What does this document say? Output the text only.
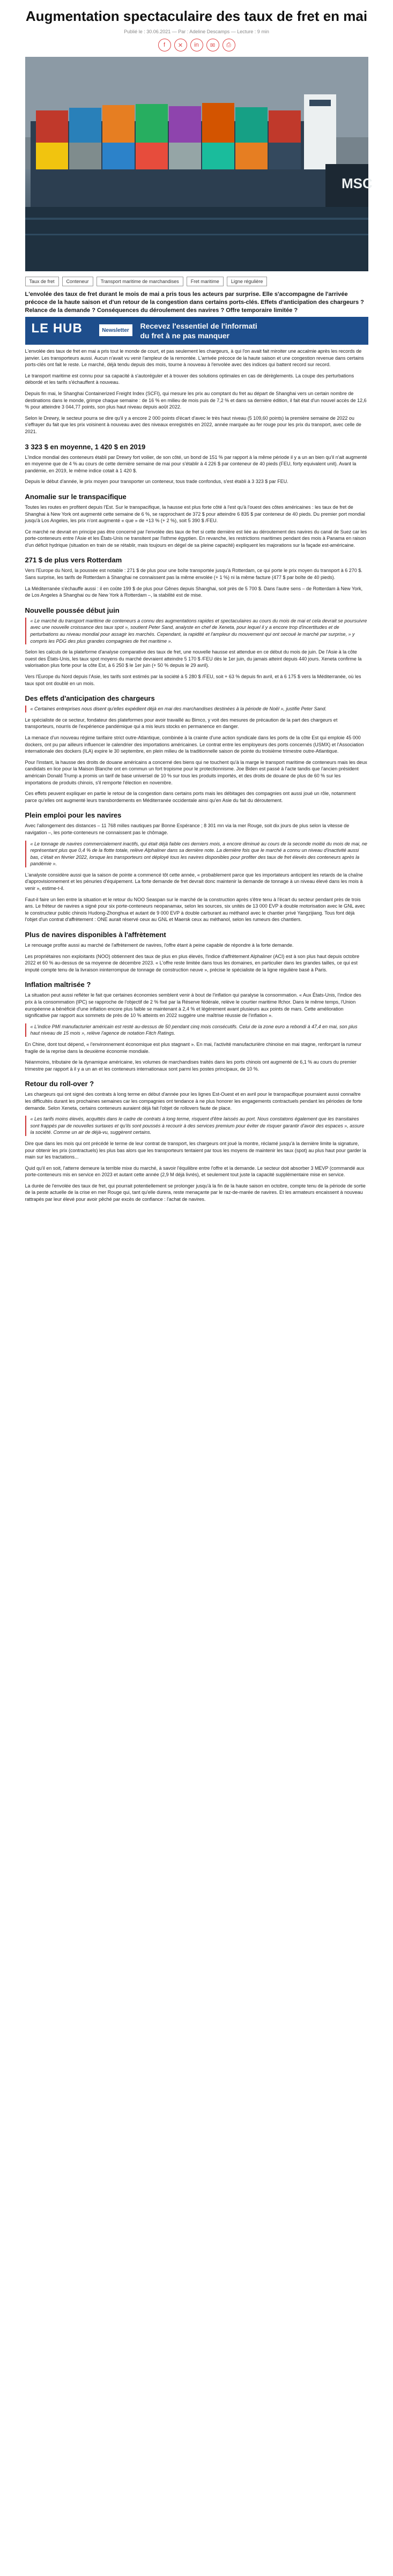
Augmentation spectaculaire des taux de fret en mai
Publié le : 30.06.2021 — Par : Adeline Descamps — Lecture : 9 min
f	✕	in	✉	⎙
MSC
Taux de fret	Conteneur	Transport maritime de marchandises	Fret maritime	Ligne régulière
L'envolée des taux de fret durant le mois de mai a pris tous les acteurs par surprise. Elle s'accompagne de l'arrivée précoce de la haute saison et d'un retour de la congestion dans certains ports-clés. Effets d'anticipation des chargeurs ? Relance de la demande ? Conséquences du déroulement des navires ? Offre temporaire limitée ?
LE HUB	Newsletter	Recevez l'essentiel de l'informati
du fret à ne pas manquer

L'envolée des taux de fret en mai a pris tout le monde de court, et pas seulement les chargeurs, à qui l'on avait fait miroiter une accalmie après les records de janvier. Les transporteurs aussi. Aucun n'avait vu venir l'ampleur de la remontée. L'arrivée précoce de la haute saison et une congestion revenue dans certains ports-clés ont fait le reste. Le marché, déjà tendu depuis des mois, tourne à nouveau à l'envolée avec des indices qui battent record sur record.

Le transport maritime est connu pour sa capacité à s'autoréguler et à trouver des solutions optimales en cas de dérèglements. La coupe des perturbations débordé et les tarifs s'échauffent à nouveau.

Depuis fin mai, le Shanghai Containerized Freight Index (SCFI), qui mesure les prix au comptant du fret au départ de Shanghai vers un certain nombre de destinations dans le monde, grimpe chaque semaine : de 16 % en milieu de mois puis de 7,2 % et dans sa dernière édition, il fait état d'un nouvel accès de 12,6 % pour atteindre 3 044,77 points, son plus haut niveau depuis août 2022.

Selon le Drewry, le secteur pourra se dire qu'il y a encore 2 000 points d'écart d'avec le très haut niveau (5 109,60 points) la première semaine de 2022 ou s'effrayer du fait que les prix voisinent à nouveau avec des niveaux enregistrés en 2022, année marquée au fer rouge pour les prix du transport, avec celle de 2021.

3 323 $ en moyenne, 1 420 $ en 2019

L'indice mondial des conteneurs établi par Drewry fort voilier, de son côté, un bond de 151 % par rapport à la même période il y a un an bien qu'il n'ait augmenté en moyenne que de 4 % au cours de cette dernière semaine de mai pour s'établir à 4 226 $ par conteneur de 40 pieds (FEU, forty equivalent unit). Avant la pandémie, en 2019, le même indice cotait à 1 420 $.

Depuis le début d'année, le prix moyen pour transporter un conteneur, tous trade confondus, s'est établi à 3 323 $ par FEU.

Anomalie sur le transpacifique

Toutes les routes en profitent depuis l'Est. Sur le transpacifique, la hausse est plus forte côté à l'est qu'à l'ouest des côtes américaines : les taux de fret de Shanghai à New York ont augmenté cette semaine de 6 %, se rapprochant de 372 $ pour atteindre 6 835 $ par conteneur de 40 pieds. Du premier port mondial jusqu'à Los Angeles, les prix n'ont augmenté « que » de +13 % (+ 2 %), soit 5 390 $ /FEU.

Ce marché ne devrait en principe pas être concerné par l'envolée des taux de fret si cette dernière est liée au déroutement des navires du canal de Suez car les porte-conteneurs entre l'Asie et les États-Unis ne transitent par l'isthme égyptien. En revanche, les restrictions maritimes pendant des mois à Panama en raison d'un déficit hydrique (situation en train de se rétablir, mais toujours en dégel de sa pleine capacité) expliquent les majorations sur la façade est-américaine.

271 $ de plus vers Rotterdam

Vers l'Europe du Nord, la poussée est notable : 271 $ de plus pour une boîte transportée jusqu'à Rotterdam, ce qui porte le prix moyen du transport à 6 270 $. Sans surprise, les tarifs de Rotterdam à Shanghai ne connaissent pas la même envolée (+ 1 %) ni la même facture (477 $ par boîte de 40 pieds).

La Méditerranée s'échauffe aussi : il en coûte 199 $ de plus pour Gênes depuis Shanghai, soit près de 5 700 $. Dans l'autre sens – de Rotterdam à New York, de Los Angeles à Shanghai ou de New York à Rotterdam –, la stabilité est de mise.

Nouvelle poussée début juin

« Le marché du transport maritime de conteneurs a connu des augmentations rapides et spectaculaires au cours du mois de mai et cela devrait se poursuivre avec une nouvelle croissance des taux spot », soutient Peter Sand, analyste en chef de Xeneta, pour lequel il y a encore trop d'incertitudes et de perturbations au niveau mondial pour assagir les marchés. Cependant, la rapidité et l'ampleur du mouvement qui ont secoué le marché par surprise, » y compris les PDG des plus grandes compagnies de fret maritime ».

Selon les calculs de la plateforme d'analyse comparative des taux de fret, une nouvelle hausse est attendue en ce début du mois de juin. De l'Asie à la côte ouest des États-Unis, les taux spot moyens du marché devraient atteindre 5 170 $ /FEU dès le 1er juin, du jamais atteint depuis 440 jours. Xeneta confirme la valorisation plus forte pour la côte Est, à 6 250 $ le 1er juin (+ 50 % depuis le 29 avril).

Vers l'Europe du Nord depuis l'Asie, les tarifs sont estimés par la société à 5 280 $ /FEU, soit + 63 % depuis fin avril, et à 6 175 $ vers la Méditerranée, où les taux spot ont doublé en un mois.

Des effets d'anticipation des chargeurs

« Certaines entreprises nous disent qu'elles expédient déjà en mai des marchandises destinées à la période de Noël », justifie Peter Sand.

Le spécialiste de ce secteur, fondateur des plateformes pour avoir travaillé au Bimco, y voit des mesures de précaution de la part des chargeurs et transporteurs, nourris de l'expérience pandémique qui a mis leurs stocks en permanence en danger.

La menace d'un nouveau régime tarifaire strict outre-Atlantique, combinée à la crainte d'une action syndicale dans les ports de la côte Est qui emploie 45 000 dockers, ont pu par ailleurs influencer le calendrier des importations américaines. Le contrat entre les employeurs des ports concernés (USMX) et l'Association internationale des dockers (ILA) expire le 30 septembre, en plein milieu de la traditionnelle saison de pointe du troisième trimestre outre-Atlantique.

Pour l'instant, la hausse des droits de douane américains a concerné des biens qui ne touchent qu'à la marge le transport maritime de conteneurs mais les deux candidats en lice pour la Maison Blanche ont en commun un fort tropisme pour le protectionnisme. Joe Biden est passé à l'acte tandis que l'ancien président américain Donald Trump a promis un tarif de base universel de 10 % sur tous les produits importés, et des droits de douane de plus de 60 % sur les importations de produits chinois, s'il remporte l'élection en novembre.

Ces effets peuvent expliquer en partie le retour de la congestion dans certains ports mais les débitages des compagnies ont aussi joué un rôle, notamment parce qu'elles ont augmenté leurs transbordements en Méditerranée occidentale ainsi qu'en Asie du fait du déroutement.

Plein emploi pour les navires

Avec l'allongement des distances – 11 768 milles nautiques par Bonne Espérance ; 8 301 mn via la mer Rouge, soit dix jours de plus selon la vitesse de navigation –, les porte-conteneurs ne connaissent pas le chômage.

« Le tonnage de navires commercialement inactifs, qui était déjà faible ces derniers mois, a encore diminué au cours de la seconde moitié du mois de mai, ne représentant plus que 0,4 % de la flotte totale, relève Alphaliner dans sa dernière note. La dernière fois que le marché a connu un niveau d'inactivité aussi bas, c'était en février 2022, lorsque les transporteurs ont déployé tous les navires disponibles pour profiter des taux de fret élevés des conteneurs après la pandémie ».

L'analyste considère aussi que la saison de pointe a commencé tôt cette année, « probablement parce que les importateurs anticipent les retards de la chaîne d'approvisionnement et les pénuries d'équipement. La forte demande de fret devrait donc maintenir la demande de tonnage à un niveau élevé dans les mois à venir », estime-t-il.

Faut-il faire un lien entre la situation et le retour du NOO Seaspan sur le marché de la construction après s'être tenu à l'écart du secteur pendant près de trois ans. Le fréteur de navires a signé pour six porte-conteneurs neopanamax, selon les sources, six unités de 13 000 EVP à double motorisation avec le GNL avec le constructeur public chinois Hudong-Zhonghua et autant de 9 000 EVP à double carburant au méthanol avec le chantier privé Yangzijiang. Tous font déjà l'objet d'un contrat d'affrètement : ONE aurait réservé ceux au GNL et Maersk ceux au méthanol, selon les rumeurs des chantiers.

Plus de navires disponibles à l'affrètement

Le renouage profite aussi au marché de l'affrètement de navires, l'offre étant à peine capable de répondre à la forte demande.

Les propriétaires non exploitants (NOO) obtiennent des taux de plus en plus élevés, l'indice d'affrètement Alphaliner (ACI) est à son plus haut depuis octobre 2022 et 60 % au-dessus de sa moyenne de décembre 2023. « L'offre reste limitée dans tous les domaines, en particulier dans les grandes tailles, ce qui est imputé compte tenu de la livraison ininterrompue de tonnage de construction neuve », précise le spécialiste de la ligne régulière basé à Paris.

Inflation maîtrisée ?

La situation peut aussi refléter le fait que certaines économies semblent venir à bout de l'inflation qui paralyse la consommation. « Aux États-Unis, l'indice des prix à la consommation (IPC) se rapproche de l'objectif de 2 % fixé par la Réserve fédérale, relève le courtier maritime Ifchor. Dans le même temps, l'Union européenne a bénéficié d'une inflation encore plus faible se maintenant à 2,4 % et légèrement avant plusieurs aux points de mars. Cette amélioration significative par rapport aux sommets de près de 10 % atteints en 2022 suggère une maîtrise réussie de l'inflation ».

« L'indice PMI manufacturier américain est resté au-dessus de 50 pendant cinq mois consécutifs. Celui de la zone euro a rebondi à 47,4 en mai, son plus haut niveau de 15 mois », relève l'agence de notation Fitch Ratings.

En Chine, dont tout dépend, « l'environnement économique est plus stagnant ». En mai, l'activité manufacturière chinoise en mai stagne, renforçant la rumeur fragile de la reprise dans la deuxième économie mondiale.

Néanmoins, tributaire de la dynamique américaine, les volumes de marchandises traités dans les ports chinois ont augmenté de 6,1 % au cours du premier trimestre par rapport à il y a un an et les conteneurs internationaux sont parmi les postes principaux, de 10 %.

Retour du roll-over ?

Les chargeurs qui ont signé des contrats à long terme en début d'année pour les lignes Est-Ouest et en avril pour le transpacifique pourraient aussi connaître les difficultés durant les prochaines semaines car les compagnies ont tendance à ne plus honorer les engagements contractuels pendant les périodes de forte demande. Selon Xeneta, certains conteneurs auraient déjà fait l'objet de rollovers faute de place.

« Les tarifs moins élevés, acquittés dans le cadre de contrats à long terme, risquent d'être laissés au port. Nous constatons également que les transitaires sont frappés par de nouvelles surtaxes et qu'ils sont poussés à recourir à des services premium pour éviter de risquer garantir d'avoir des espaces », assure la société. Comme un air de déjà-vu, suggèrent certains.

Dire que dans les mois qui ont précédé le terme de leur contrat de transport, les chargeurs ont joué la montre, réclamé jusqu'à la dernière limite la signature, pour obtenir les prix (contractuels) les plus bas alors que les transporteurs tentaient par tous les moyens de maintenir les taux (spot) au plus haut pour garder la main sur les tractations...

Quid qu'il en soit, l'atterre demeure la terrible mixe du marché, à savoir l'équilibre entre l'offre et la demande. Le secteur doit absorber 3 MEVP (commandé aux porte-conteneurs mis en service en 2023 et autant cette année (2,9 M déjà livrés), et seulement tout juste la capacité supplémentaire mise en service.

La durée de l'envolée des taux de fret, qui pourrait potentiellement se prolonger jusqu'à la fin de la haute saison en octobre, compte tenu de la période de sortie de la peste actuelle de la crise en mer Rouge qui, tant qu'elle durera, reste menaçante par le raz-de-marée de navires. Et les armateurs encaissent à nouveau rattrapés par leur élevé pour avoir pêché par excès de confiance : l'achat de navires.
